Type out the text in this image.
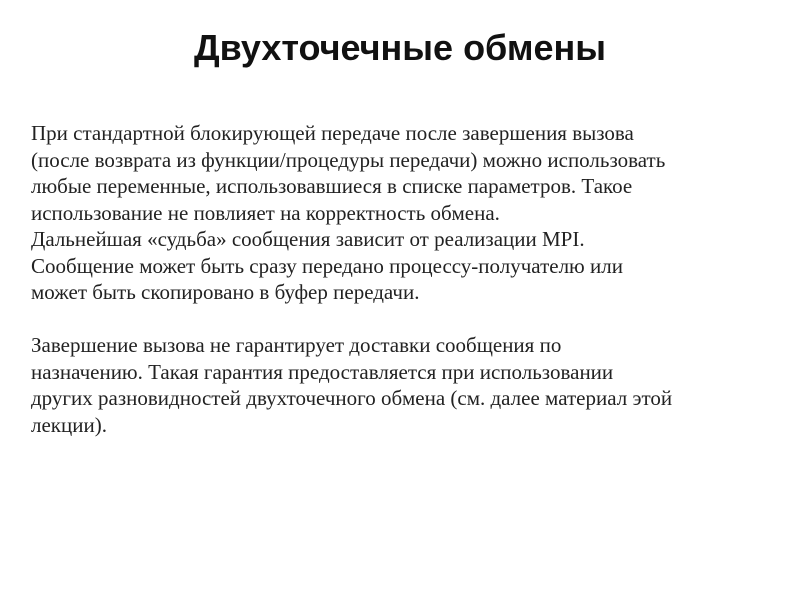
Двухточечные обмены
При стандартной блокирующей передаче после завершения вызова
(после возврата из функции/процедуры передачи) можно использовать
любые переменные, использовавшиеся в списке параметров. Такое
использование не повлияет на корректность обмена.
Дальнейшая «судьба» сообщения зависит от реализации MPI.
Сообщение может быть сразу передано процессу-получателю или
может быть скопировано в буфер передачи.
Завершение вызова не гарантирует доставки сообщения по
назначению. Такая гарантия предоставляется при использовании
других разновидностей двухточечного обмена (см. далее материал этой
лекции).
